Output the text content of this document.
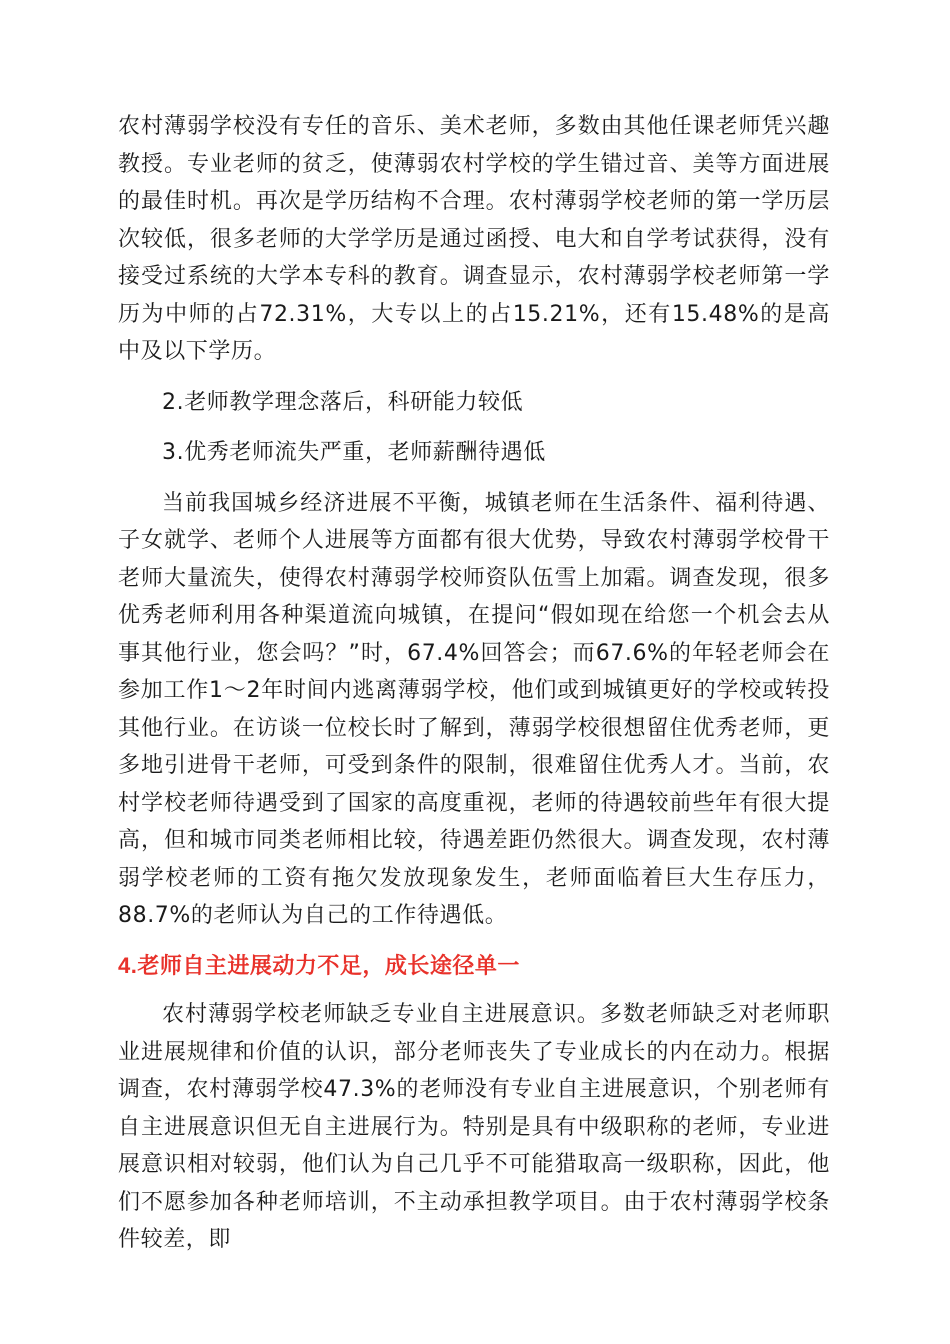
农村薄弱学校没有专任的音乐、美术老师，多数由其他任课老师凭兴趣教授。专业老师的贫乏，使薄弱农村学校的学生错过音、美等方面进展的最佳时机。再次是学历结构不合理。农村薄弱学校老师的第一学历层次较低，很多老师的大学学历是通过函授、电大和自学考试获得，没有接受过系统的大学本专科的教育。调查显示，农村薄弱学校老师第一学历为中师的占72.31%，大专以上的占15.21%，还有15.48%的是高中及以下学历。

2.老师教学理念落后，科研能力较低

3.优秀老师流失严重，老师薪酬待遇低

当前我国城乡经济进展不平衡，城镇老师在生活条件、福利待遇、子女就学、老师个人进展等方面都有很大优势，导致农村薄弱学校骨干老师大量流失，使得农村薄弱学校师资队伍雪上加霜。调查发现，很多优秀老师利用各种渠道流向城镇，在提问“假如现在给您一个机会去从事其他行业，您会吗？”时，67.4%回答会；而67.6%的年轻老师会在参加工作1～2年时间内逃离薄弱学校，他们或到城镇更好的学校或转投其他行业。在访谈一位校长时了解到，薄弱学校很想留住优秀老师，更多地引进骨干老师，可受到条件的限制，很难留住优秀人才。当前，农村学校老师待遇受到了国家的高度重视，老师的待遇较前些年有很大提高，但和城市同类老师相比较，待遇差距仍然很大。调查发现，农村薄弱学校老师的工资有拖欠发放现象发生，老师面临着巨大生存压力，88.7%的老师认为自己的工作待遇低。

4.老师自主进展动力不足，成长途径单一

农村薄弱学校老师缺乏专业自主进展意识。多数老师缺乏对老师职业进展规律和价值的认识，部分老师丧失了专业成长的内在动力。根据调查，农村薄弱学校47.3%的老师没有专业自主进展意识，个别老师有自主进展意识但无自主进展行为。特别是具有中级职称的老师，专业进展意识相对较弱，他们认为自己几乎不可能猎取高一级职称，因此，他们不愿参加各种老师培训，不主动承担教学项目。由于农村薄弱学校条件较差，即
